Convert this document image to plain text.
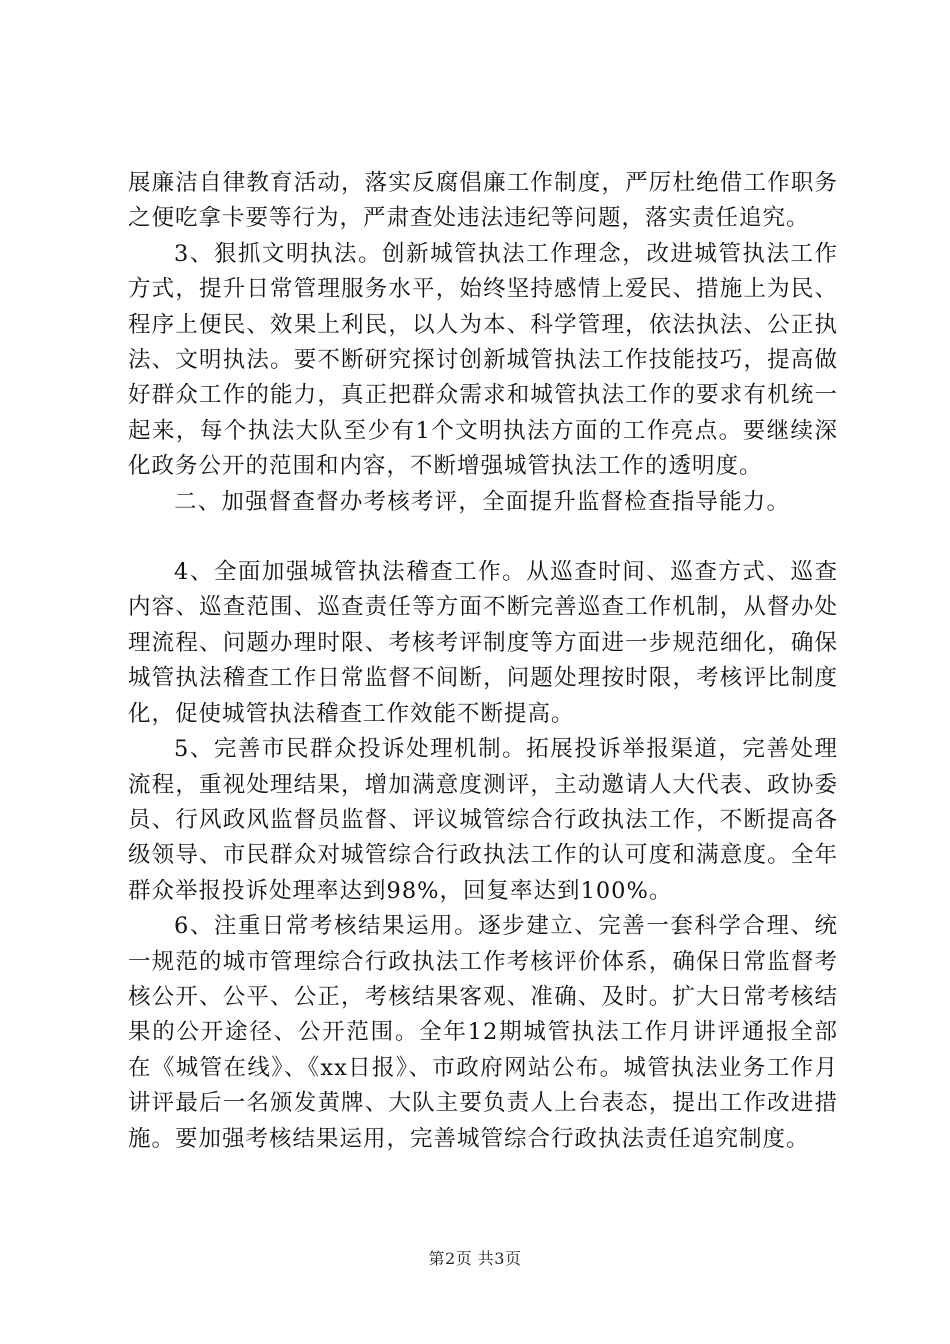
展廉洁自律教育活动，落实反腐倡廉工作制度，严厉杜绝借工作职务之便吃拿卡要等行为，严肃查处违法违纪等问题，落实责任追究。

3、狠抓文明执法。创新城管执法工作理念，改进城管执法工作方式，提升日常管理服务水平，始终坚持感情上爱民、措施上为民、程序上便民、效果上利民，以人为本、科学管理，依法执法、公正执法、文明执法。要不断研究探讨创新城管执法工作技能技巧，提高做好群众工作的能力，真正把群众需求和城管执法工作的要求有机统一起来，每个执法大队至少有1个文明执法方面的工作亮点。要继续深化政务公开的范围和内容，不断增强城管执法工作的透明度。

二、加强督查督办考核考评，全面提升监督检查指导能力。

4、全面加强城管执法稽查工作。从巡查时间、巡查方式、巡查内容、巡查范围、巡查责任等方面不断完善巡查工作机制，从督办处理流程、问题办理时限、考核考评制度等方面进一步规范细化，确保城管执法稽查工作日常监督不间断，问题处理按时限，考核评比制度化，促使城管执法稽查工作效能不断提高。

5、完善市民群众投诉处理机制。拓展投诉举报渠道，完善处理流程，重视处理结果，增加满意度测评，主动邀请人大代表、政协委员、行风政风监督员监督、评议城管综合行政执法工作，不断提高各级领导、市民群众对城管综合行政执法工作的认可度和满意度。全年群众举报投诉处理率达到98%，回复率达到100%。

6、注重日常考核结果运用。逐步建立、完善一套科学合理、统一规范的城市管理综合行政执法工作考核评价体系，确保日常监督考核公开、公平、公正，考核结果客观、准确、及时。扩大日常考核结果的公开途径、公开范围。全年12期城管执法工作月讲评通报全部在《城管在线》、《xx日报》、市政府网站公布。城管执法业务工作月讲评最后一名颁发黄牌、大队主要负责人上台表态，提出工作改进措施。要加强考核结果运用，完善城管综合行政执法责任追究制度。

第2页 共3页
